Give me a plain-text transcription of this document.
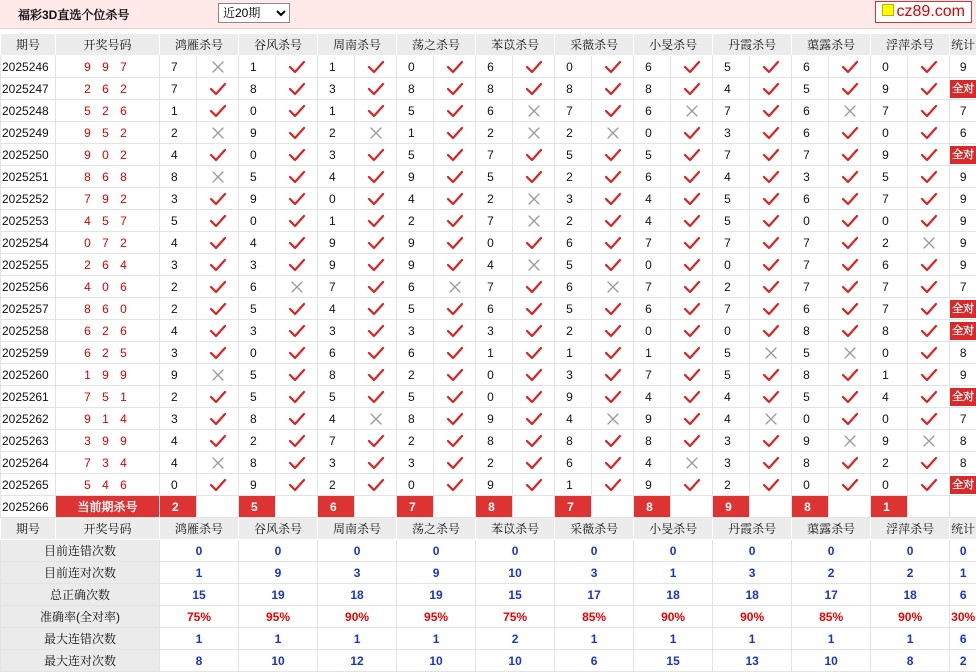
福彩3D直选个位杀号
近20期	cz89.com
期号	开奖号码	鸿雁杀号		谷风杀号		周南杀号		荡之杀号		苯苡杀号		采薇杀号		小旻杀号		丹霞杀号		蕖露杀号		浮萍杀号		统计
2025246	9 9 7	7		1		1		0		6		0		6		5		6		0		9
2025247	2 6 2	7		8		3		8		8		8		8		4		5		9		全对
2025248	5 2 6	1		0		1		5		6		7		6		7		6		7		7
2025249	9 5 2	2		9		2		1		2		2		0		3		6		0		6
2025250	9 0 2	4		0		3		5		7		5		5		7		7		9		全对
2025251	8 6 8	8		5		4		9		5		2		6		4		3		5		9
2025252	7 9 2	3		9		0		4		2		3		4		5		6		7		9
2025253	4 5 7	5		0		1		2		7		2		4		5		0		0		9
2025254	0 7 2	4		4		9		9		0		6		7		7		7		2		9
2025255	2 6 4	3		3		9		9		4		5		0		0		7		6		9
2025256	4 0 6	2		6		7		6		7		6		7		2		7		7		7
2025257	8 6 0	2		5		4		5		6		5		6		7		6		7		全对
2025258	6 2 6	4		3		3		3		3		2		0		0		8		8		全对
2025259	6 2 5	3		0		6		6		1		1		1		5		5		0		8
2025260	1 9 9	9		5		8		2		0		3		7		5		8		1		9
2025261	7 5 1	2		5		5		5		0		9		4		4		5		4		全对
2025262	9 1 4	3		8		4		8		9		4		9		4		0		0		7
2025263	3 9 9	4		2		7		2		8		8		8		3		9		9		8
2025264	7 3 4	4		8		3		3		2		6		4		3		8		2		8
2025265	5 4 6	0		9		2		0		9		1		9		2		0		0		全对
2025266	当前期杀号	2		5		6		7		8		7		8		9		8		1		
期号	开奖号码	鸿雁杀号		谷风杀号		周南杀号		荡之杀号		苯苡杀号		采薇杀号		小旻杀号		丹霞杀号		蕖露杀号		浮萍杀号		统计
目前连错次数		0		0		0		0		0		0		0		0		0		0		0
目前连对次数		1		9		3		9		10		3		1		3		2		2		1
总正确次数		15		19		18		19		15		17		18		18		17		18		6
准确率(全对率)		75%		95%		90%		95%		75%		85%		90%		90%		85%		90%		30%
最大连错次数		1		1		1		1		2		1		1		1		1		1		6
最大连对次数		8		10		12		10		10		6		15		13		10		8		2
